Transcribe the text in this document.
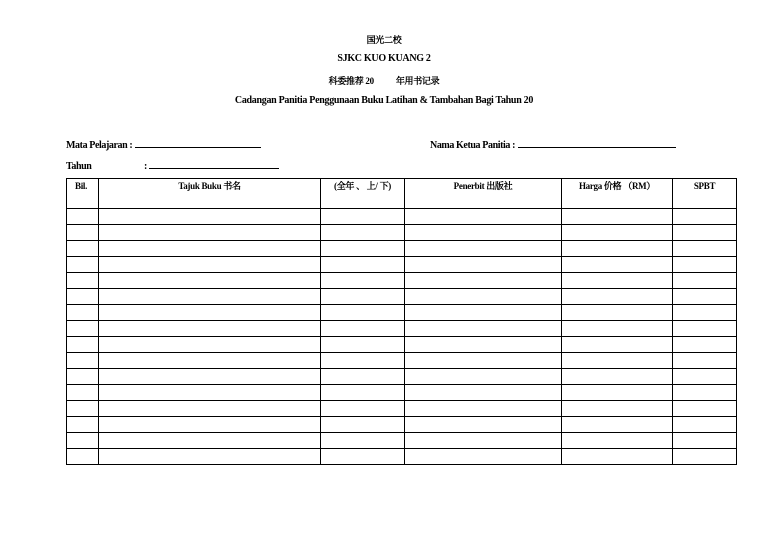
国光二校
SJKC KUO KUANG 2
科委推荐 20 年用书记录
Cadangan Panitia Penggunaan Buku Latihan & Tambahan Bagi Tahun 20
Mata Pelajaran :	Nama Ketua Panitia :
Tahun	:
Bil.	Tajuk Buku 书名	(全年 、 上/ 下)	Penerbit 出版社	Harga 价格 （RM）	SPBT
